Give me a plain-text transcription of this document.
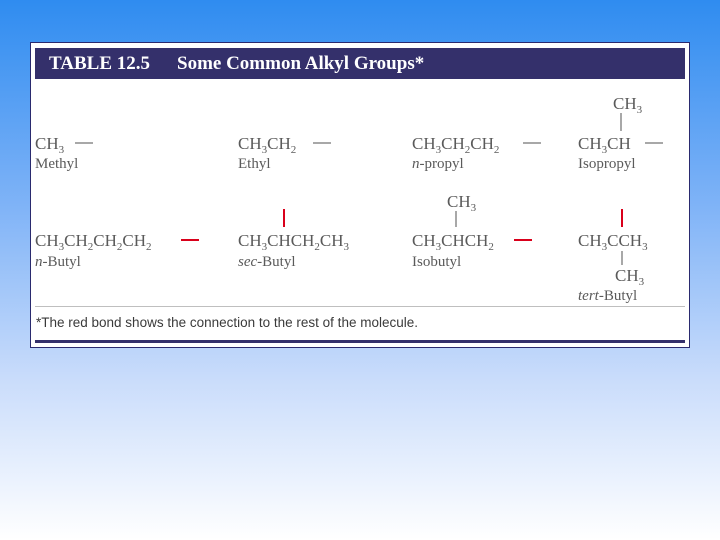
TABLE 12.5 Some Common Alkyl Groups*
$CH_3$
Methyl
$CH_3CH_2$
Ethyl
$CH_3CH_2CH_2$
n-propyl
$CH_3$
$CH_3CH$
Isopropyl
$CH_3CH_2CH_2CH_2$
n-Butyl
$CH_3CHCH_2CH_3$
sec-Butyl
$CH_3$
$CH_3CHCH_2$
Isobutyl
$CH_3CCH_3$
$CH_3$
tert-Butyl
*The red bond shows the connection to the rest of the molecule.
